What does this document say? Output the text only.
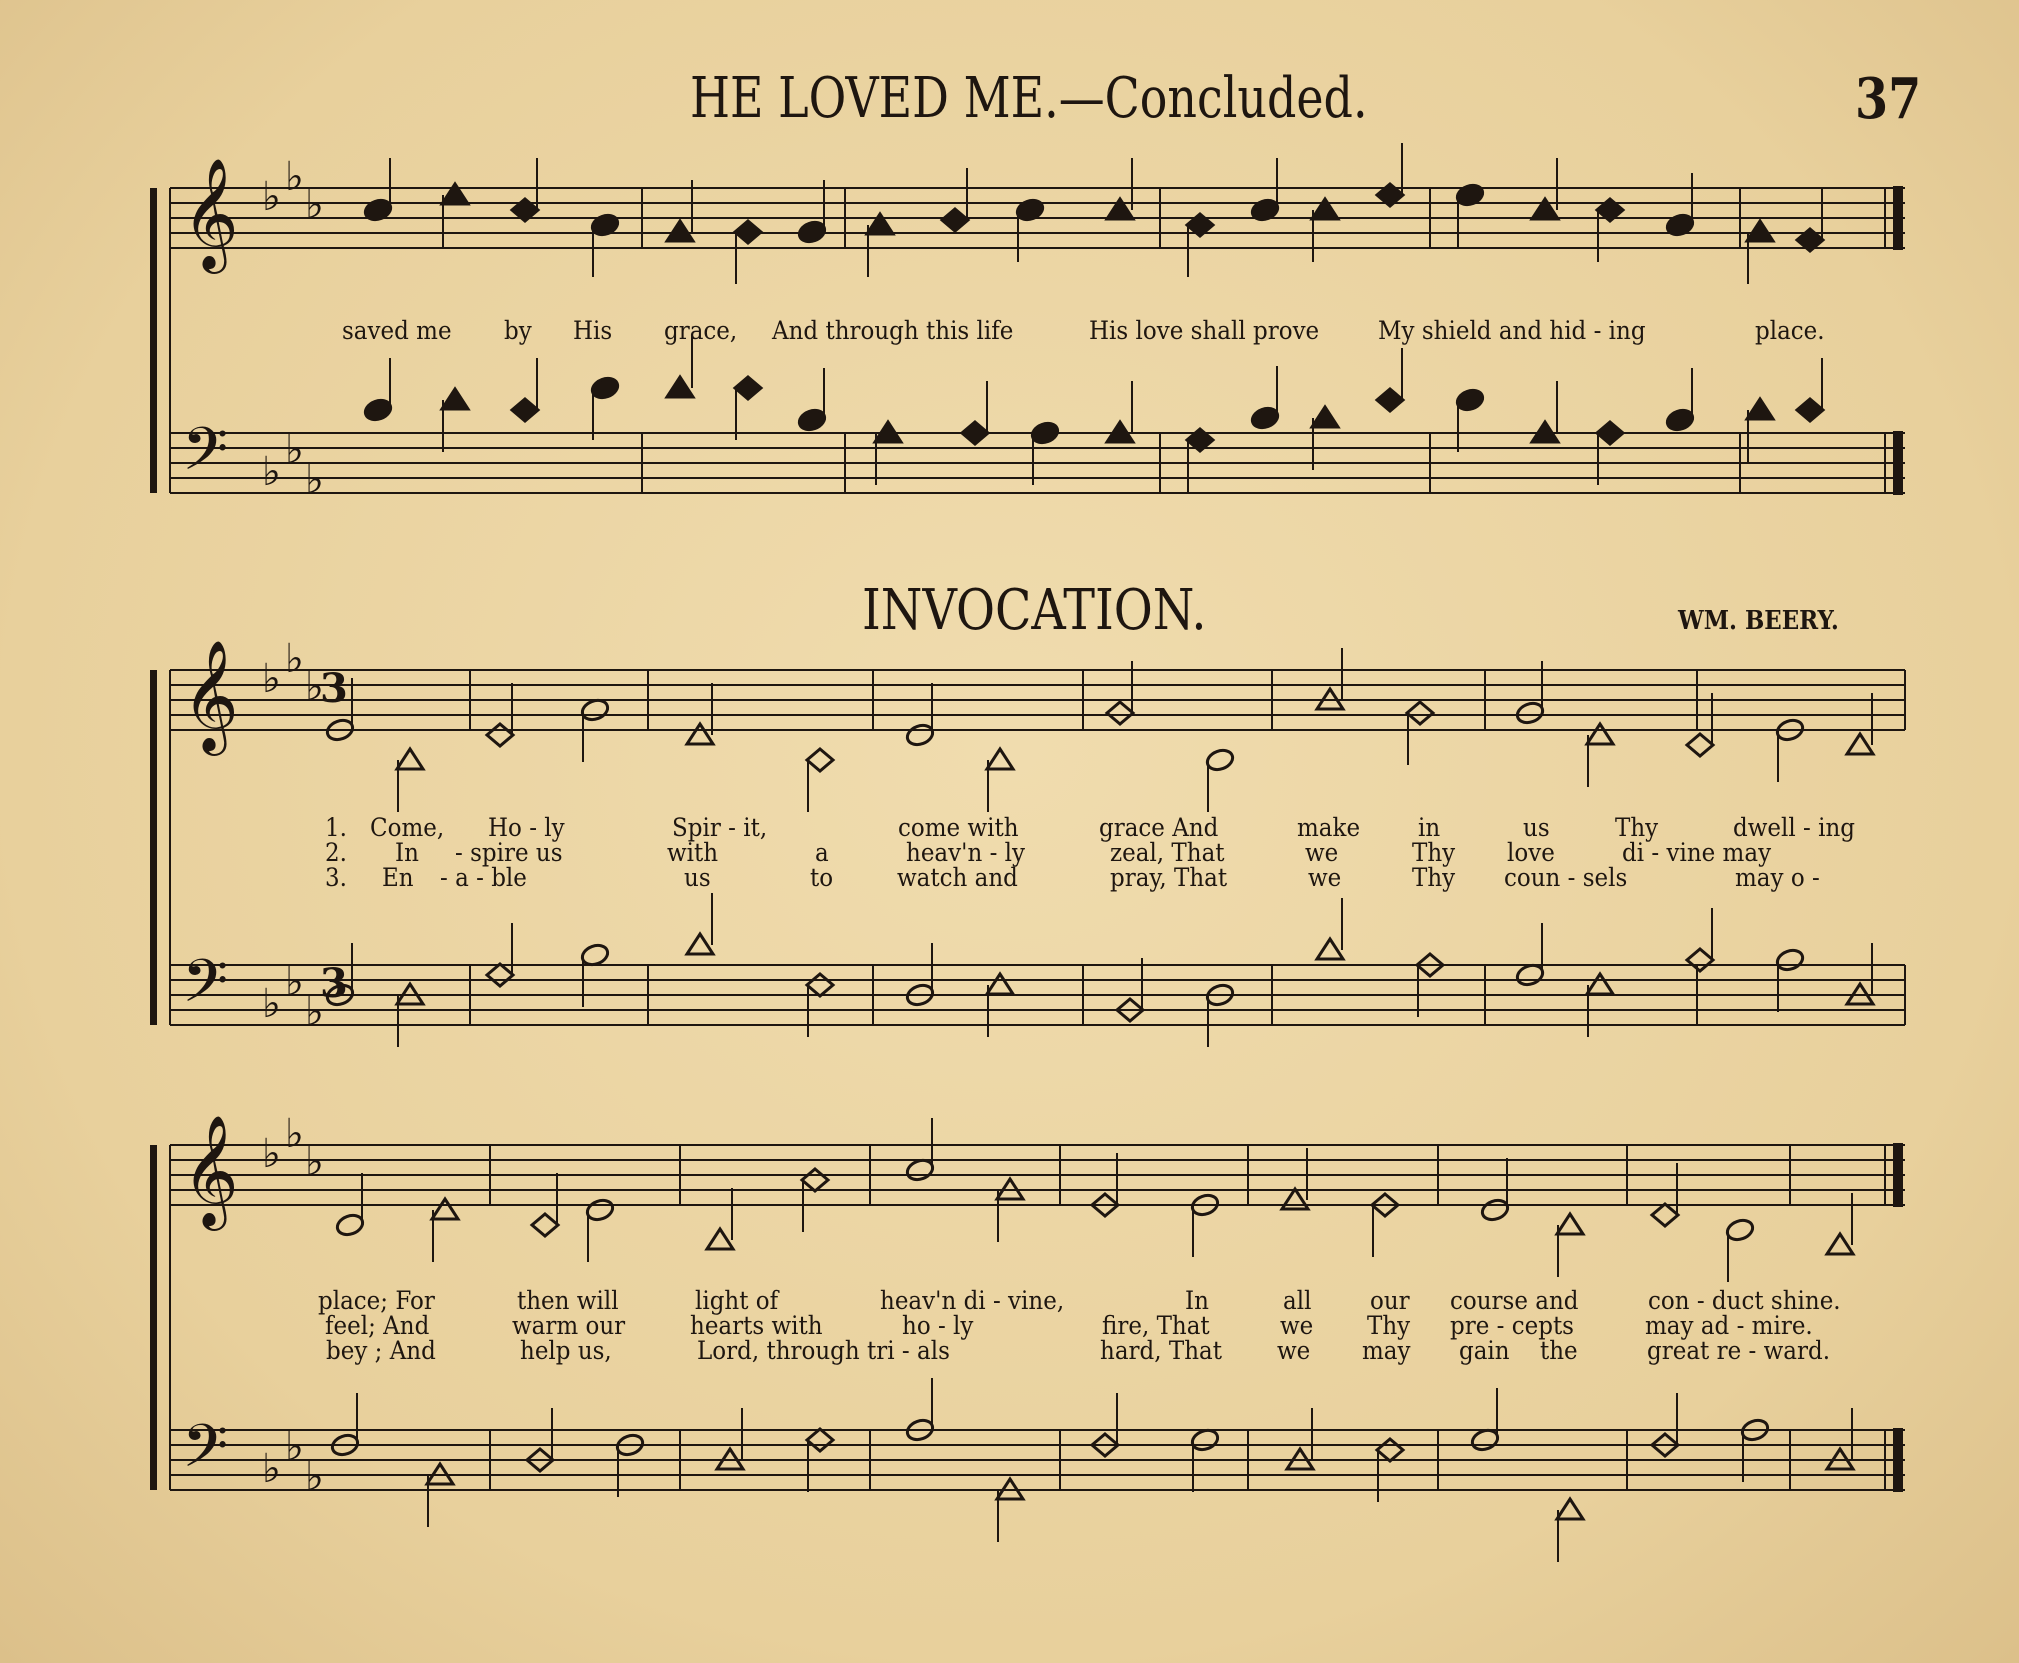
HE LOVED ME.—Concluded.	37
INVOCATION.	WM. BEERY.
saved me by His grace, And through this life	His love shall prove My shield and hid - ing	place.
1.
2.
3.
Come, Ho - ly	Spir - it,	come with	grace And	make in	us	Thy	dwell - ing
In - spire us	with	a	heav'n - ly	zeal, That	we	Thy love	di - vine may
En - a - ble	us	to	watch and	pray, That	we	Thy coun - sels	may o -
place; For	then will	light of	heav'n di - vine,	In	all our course and	con - duct shine.
feel; And	warm our	hearts with	ho - ly	fire, That	we Thy pre - cepts	may ad - mire.
bey ; And	help us,	Lord, through tri - als	hard, That we may gain the	great re - ward.
𝄞 ♭ ♭
♭
𝄢 ♭ ♭
♭
𝄞 ♭ ♭
♭
𝄢 ♭ ♭
♭
𝄞 ♭ ♭
♭
𝄢 ♭ ♭
♭
3
3
